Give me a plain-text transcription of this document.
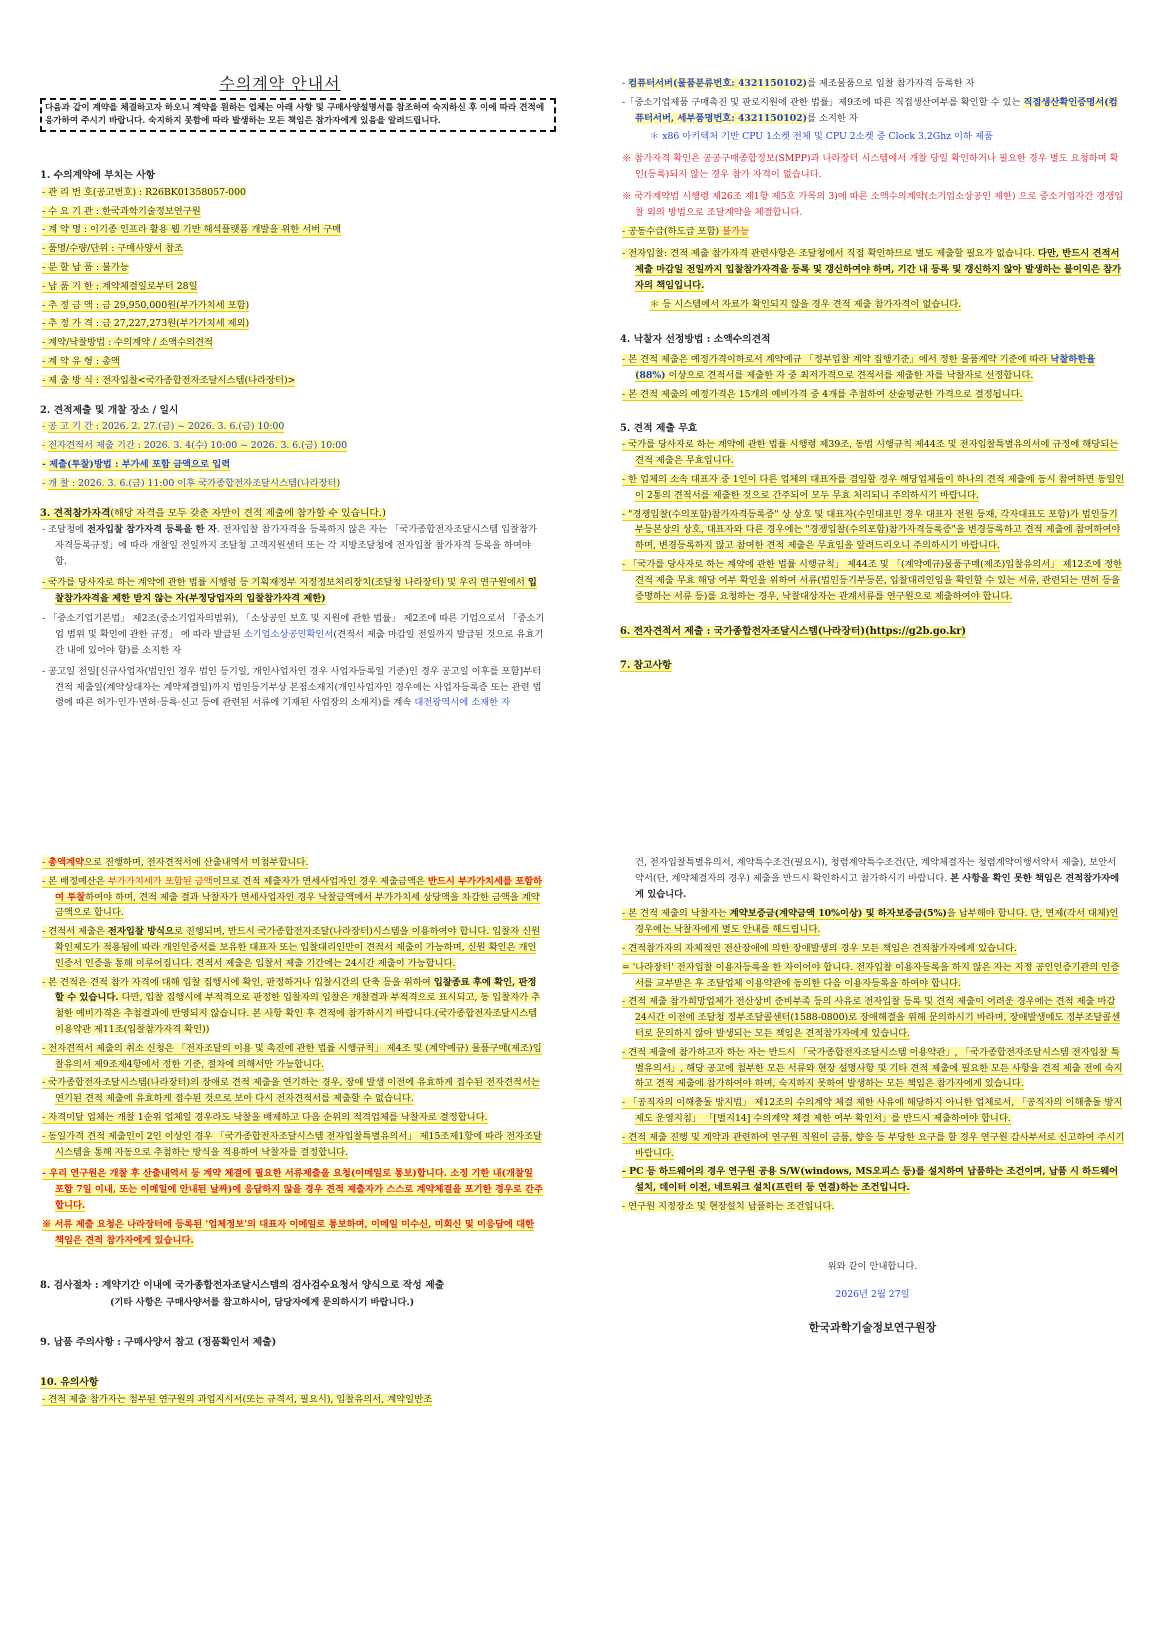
수의계약 안내서
다음과 같이 계약을 체결하고자 하오니 계약을 원하는 업체는 아래 사항 및 구매사양설명서를 참조하여 숙지하신 후 이에 따라 견적에 응가하여 주시기 바랍니다. 숙지하지 못함에 따라 발생하는 모든 책임은 참가자에게 있음을 알려드립니다.
1. 수의계약에 부치는 사항

- 관 리 번 호(공고번호) : R26BK01358057-000

- 수 요 기 관 : 한국과학기술정보연구원

- 계 약 명 : 이기종 인프라 활용 웹 기반 해석플랫폼 개발을 위한 서버 구매

- 품명/수량/단위 : 구매사양서 참조

- 분 할 납 품 : 불가능

- 납 품 기 한 : 계약체결일로부터 28일

- 추 정 금 액 : 금 29,950,000원(부가가치세 포함)

- 추 정 가 격 : 금 27,227,273원(부가가치세 제외)

- 계약/낙찰방법 : 수의계약 / 소액수의견적

- 계 약 유 형 : 총액

- 제 출 방 식 : 전자입찰<국가종합전자조달시스템(나라장터)>

2. 견적제출 및 개찰 장소 / 일시

- 공 고 기 간 : 2026. 2. 27.(금) ~ 2026. 3. 6.(금) 10:00

- 전자견적서 제출 기간 : 2026. 3. 4(수) 10:00 ~ 2026. 3. 6.(금) 10:00

- 제출(투찰)방법 : 부가세 포함 금액으로 입력

- 개 찰 : 2026. 3. 6.(금) 11:00 이후 국가종합전자조달시스템(나라장터)

3. 견적참가자격(해당 자격을 모두 갖춘 자만이 견적 제출에 참가할 수 있습니다.)

- 조달청에 전자입찰 참가자격 등록을 한 자. 전자입찰 참가자격을 등록하지 않은 자는 「국가종합전자조달시스템 입찰참가자격등록규정」에 따라 개찰일 전일까지 조달청 고객지원센터 또는 각 지방조달청에 전자입찰 참가자격 등록을 하여야 함.

- 국가를 당사자로 하는 계약에 관한 법률 시행령 등 기획재정부 지정정보처리장치(조달청 나라장터) 및 우리 연구원에서 입찰참가자격을 제한 받지 않는 자(부정당업자의 입찰참가자격 제한)

- 「중소기업기본법」 제2조(중소기업자의범위), 「소상공인 보호 및 지원에 관한 법률」 제2조에 따른 기업으로서 「중소기업 범위 및 확인에 관한 규정」 에 따라 발급된 소기업소상공인확인서(견적서 제출 마감일 전일까지 발급된 것으로 유효기간 내에 있어야 함)를 소지한 자

- 공고일 전일[신규사업자(법인인 경우 법인 등기일, 개인사업자인 경우 사업자등록일 기준)인 경우 공고일 이후를 포함]부터 견적 제출일(계약상대자는 계약체결일)까지 법인등기부상 본점소재지(개인사업자인 경우에는 사업자등록증 또는 관련 법령에 따른 허가·인가·면허·등록·신고 등에 관련된 서류에 기재된 사업장의 소재지)를 계속 대전광역시에 소재한 자

- 컴퓨터서버(물품분류번호: 4321150102)를 제조물품으로 입찰 참가자격 등록한 자

-「중소기업제품 구매촉진 및 판로지원에 관한 법률」제9조에 따른 직접생산여부를 확인할 수 있는 직접생산확인증명서(컴퓨터서버, 세부품명번호: 4321150102)를 소지한 자

＊ x86 아키텍처 기반 CPU 1소켓 전체 및 CPU 2소켓 중 Clock 3.2Ghz 이하 제품

※ 참가자격 확인은 공공구매종합정보(SMPP)과 나라장터 시스템에서 개찰 당일 확인하거나 필요한 경우 별도 요청하며 확인(등록)되지 않는 경우 참가 자격이 없습니다.

※ 국가계약법 시행령 제26조 제1항 제5호 가목의 3)에 따른 소액수의계약(소기업소상공인 제한) 으로 중소기업자간 경쟁입찰 외의 방법으로 조달계약을 체결합니다.

- 공동수급(하도급 포함) 불가능

- 전자입찰: 견적 제출 참가자격 관련사항은 조달청에서 직접 확인하므로 별도 제출할 필요가 없습니다. 다만, 반드시 견적서 제출 마감일 전일까지 입찰참가자격을 등록 및 갱신하여야 하며, 기간 내 등록 및 갱신하지 않아 발생하는 불이익은 참가자의 책임입니다.

＊ 등 시스템에서 자료가 확인되지 않을 경우 견적 제출 참가자격이 없습니다.

4. 낙찰자 선정방법 : 소액수의견적

- 본 견적 제출은 예정가격이하로서 계약예규 「정부입찰 계약 집행기준」에서 정한 물품계약 기준에 따라 낙찰하한율(88%) 이상으로 견적서를 제출한 자 중 최저가격으로 견적서를 제출한 자를 낙찰자로 선정합니다.

- 본 견적 제출의 예정가격은 15개의 예비가격 중 4개를 추첨하여 산술평균한 가격으로 결정됩니다.

5. 견적 제출 무효

- 국가를 당사자로 하는 계약에 관한 법률 시행령 제39조, 동법 시행규칙 제44조 및 전자입찰특별유의서에 규정에 해당되는 견적 제출은 무효입니다.

- 한 업체의 소속 대표자 중 1인이 다른 업체의 대표자를 겸임할 경우 해당업체들이 하나의 견적 제출에 동시 참여하면 동일인이 2통의 견적서를 제출한 것으로 간주되어 모두 무효 처리되니 주의하시기 바랍니다.

- "경쟁입찰(수의포함)참가자격등록증" 상 상호 및 대표자(수인대표인 경우 대표자 전원 등재, 각자대표도 포함)가 법인등기부등본상의 상호, 대표자와 다른 경우에는 "경쟁입찰(수의포함)참가자격등록증"을 변경등록하고 견적 제출에 참여하여야 하며, 변경등록하지 않고 참여한 견적 제출은 무효임을 알려드리오니 주의하시기 바랍니다.

- 「국가를 당사자로 하는 계약에 관한 법률 시행규칙」 제44조 및 「(계약예규)물품구매(제조)입찰유의서」 제12조에 정한 견적 제출 무효 해당 여부 확인을 위하여 서류(법인등기부등본, 입찰대리인임을 확인할 수 있는 서류, 관련되는 면허 등을 증명하는 서류 등)를 요청하는 경우, 낙찰대상자는 관계서류를 연구원으로 제출하여야 합니다.

6. 전자견적서 제출 : 국가종합전자조달시스템(나라장터)(https://g2b.go.kr)
7. 참고사항

- 총액계약으로 진행하며, 전자견적서에 산출내역서 미첨부합니다.

- 본 배정예산은 부가가치세가 포함된 금액이므로 견적 제출자가 면세사업자인 경우 제출금액은 반드시 부가가치세를 포함하여 투찰하여야 하며, 견적 제출 결과 낙찰자가 면세사업자인 경우 낙찰금액에서 부가가치세 상당액을 차감한 금액을 계약금액으로 합니다.

- 견적서 제출은 전자입찰 방식으로 진행되며, 반드시 국가종합전자조달(나라장터)시스템을 이용하여야 합니다. 입찰자 신원확인제도가 적용됨에 따라 개인인증서를 보유한 대표자 또는 입찰대리인만이 견적서 제출이 가능하며, 신원 확인은 개인 인증서 인증을 통해 이루어집니다. 견적서 제출은 입찰서 제출 기간에는 24시간 제출이 가능합니다.

- 본 견적은 견적 참가 자격에 대해 입찰 집행시에 확인, 판정하거나 입찰시간의 단축 등을 위하여 입찰종료 후에 확인, 판정할 수 있습니다. 다만, 입찰 집행시에 부적격으로 판정한 입찰자의 입찰은 개찰결과 부적격으로 표시되고, 동 입찰자가 추첨한 예비가격은 추첨결과에 반영되지 않습니다. 본 사항 확인 후 견적에 참가하시기 바랍니다.(국가종합전자조달시스템 이용약관 제11조(입찰참가자격 확인))

- 전자견적서 제출의 취소 신청은 「전자조달의 이용 및 촉진에 관한 법률 시행규칙」 제4조 및 (계약예규) 물품구매(제조)입찰유의서 제9조제4항에서 정한 기준, 절차에 의해서만 가능합니다.

- 국가종합전자조달시스템(나라장터)의 장애로 견적 제출을 연기하는 경우, 장애 발생 이전에 유효하게 접수된 전자견적서는 연기된 견적 제출에 유효하게 접수된 것으로 보아 다시 전자견적서를 제출할 수 없습니다.

- 자격미달 업체는 개찰 1순위 업체일 경우라도 낙찰을 배제하고 다음 순위의 적격업체를 낙찰자로 결정합니다.

- 동일가격 견적 제출인이 2인 이상인 경우 「국가종합전자조달시스템 전자입찰특별유의서」 제15조제1항에 따라 전자조달시스템을 통해 자동으로 추첨하는 방식을 적용하여 낙찰자를 결정합니다.

- 우리 연구원은 개찰 후 산출내역서 등 계약 체결에 필요한 서류제출을 요청(이메일로 통보)합니다. 소정 기한 내(개찰일 포함 7일 이내, 또는 이메일에 안내된 날짜)에 응답하지 않을 경우 견적 제출자가 스스로 계약체결을 포기한 경우로 간주합니다.

※ 서류 제출 요청은 나라장터에 등록된 '업체정보'의 대표자 이메일로 통보하며, 이메일 미수신, 미회신 및 미응답에 대한 책임은 견적 참가자에게 있습니다.

8. 검사절차 : 계약기간 이내에 국가종합전자조달시스템의 검사검수요청서 양식으로 작성 제출

(기타 사항은 구매사양서를 참고하시어, 담당자에게 문의하시기 바랍니다.)

9. 납품 주의사항 : 구매사양서 참고 (정품확인서 제출)
10. 유의사항

- 견적 제출 참가자는 첨부된 연구원의 과업지시서(또는 규격서, 필요시), 입찰유의서, 계약일반조

건, 전자입찰특별유의서, 계약특수조건(필요시), 청렴계약특수조건(단, 계약체결자는 청렴계약이행서약서 제출), 보안서약서(단, 계약체결자의 경우) 제출을 반드시 확인하시고 참가하시기 바랍니다. 본 사항을 확인 못한 책임은 견적참가자에게 있습니다.

- 본 견적 제출의 낙찰자는 계약보증금(계약금액 10%이상) 및 하자보증금(5%)을 납부해야 합니다. 단, 면제(각서 대체)인 경우에는 낙찰자에게 별도 안내를 해드립니다.

- 견적참가자의 자체적인 전산장애에 의한 장애발생의 경우 모든 책임은 견적참가자에게 있습니다.

= '나라장터' 전자입찰 이용자등록을 한 자이어야 합니다. 전자입찰 이용자등록을 하지 않은 자는 지정 공인인증기관의 인증서를 교부받은 후 조달업체 이용약관에 동의한 다음 이용자등록을 하여야 합니다.

- 견적 제출 참가희망업체가 전산상비 준비부족 등의 사유로 전자입찰 등록 및 견적 제출이 어려운 경우에는 견적 제출 마감 24시간 이전에 조달청 정부조달콜센터(1588-0800)로 장애해결을 위해 문의하시기 바라며, 장애발생에도 정부조달콜센터로 문의하지 않아 발생되는 모든 책임은 견적참가자에게 있습니다.

- 견적 제출에 참가하고자 하는 자는 반드시 「국가종합전자조달시스템 이용약관」, 「국가종합전자조달시스템 전자입찰 특별유의서」, 해당 공고에 첨부한 모든 서류와 현장 설명사항 및 기타 견적 제출에 필요한 모든 사항을 견적 제출 전에 숙지하고 견적 제출에 참가하여야 하며, 숙지하지 못하여 발생하는 모든 책임은 참가자에게 있습니다.

- 「공직자의 이해충돌 방지법」 제12조의 수의계약 체결 제한 사유에 해당하지 아니한 업체로서, 「공직자의 이해충돌 방지제도 운영지침」 「[별지14] 수의계약 체결 제한 여부 확인서」를 반드시 제출하여야 합니다.

- 견적 제출 진행 및 계약과 관련하여 연구원 직원이 금품, 향응 등 부당한 요구를 할 경우 연구원 감사부서로 신고하여 주시기 바랍니다.

- PC 등 하드웨어의 경우 연구원 공용 S/W(windows, MS오피스 등)를 설치하여 납품하는 조건이며, 납품 시 하드웨어 설치, 데이터 이전, 네트워크 설치(프린터 등 연결)하는 조건입니다.

- 연구원 지정장소 및 현장설치 납품하는 조건입니다.

위와 같이 안내합니다.

2026년 2월 27일

한국과학기술정보연구원장
